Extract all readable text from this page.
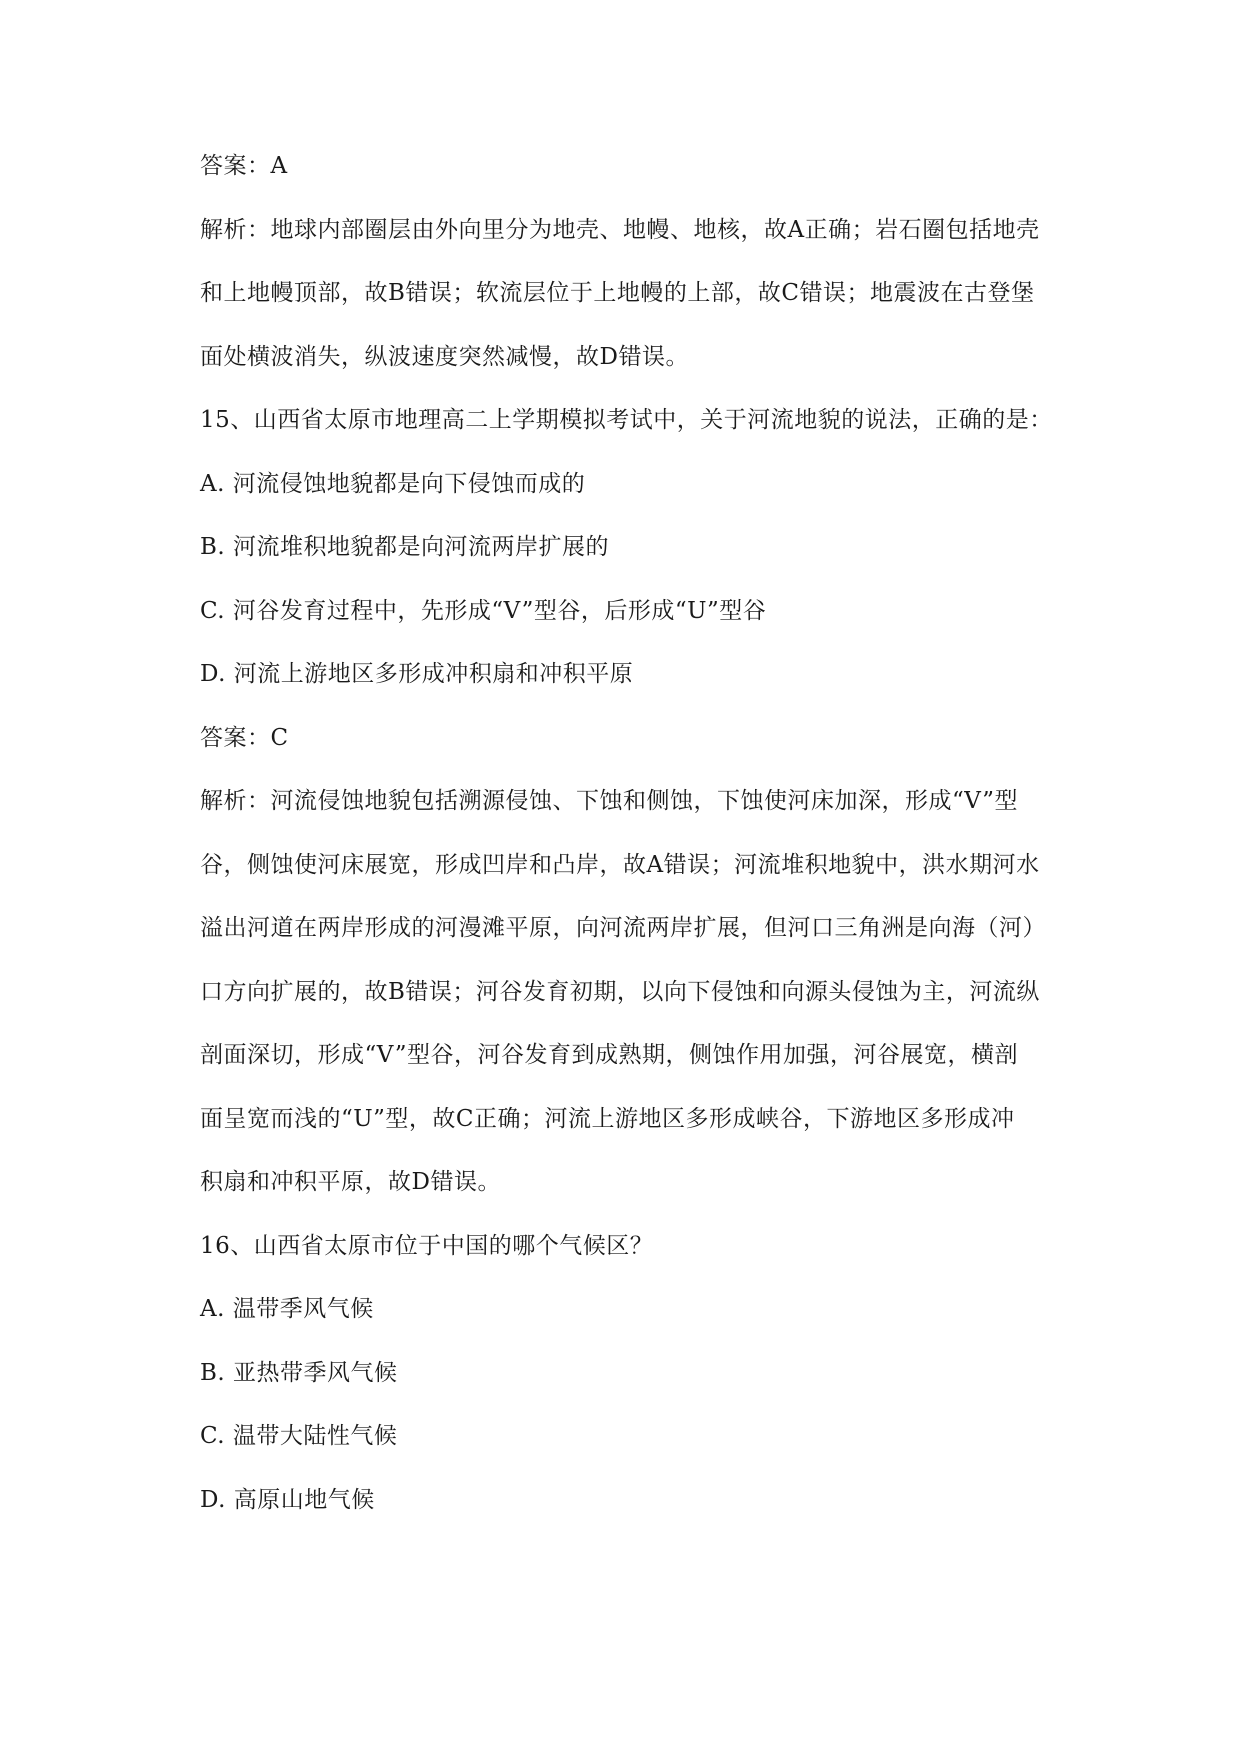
答案：A
解析：地球内部圈层由外向里分为地壳、地幔、地核，故A正确；岩石圈包括地壳
和上地幔顶部，故B错误；软流层位于上地幔的上部，故C错误；地震波在古登堡
面处横波消失，纵波速度突然减慢，故D错误。
15、山西省太原市地理高二上学期模拟考试中，关于河流地貌的说法，正确的是：
A. 河流侵蚀地貌都是向下侵蚀而成的
B. 河流堆积地貌都是向河流两岸扩展的
C. 河谷发育过程中，先形成“V”型谷，后形成“U”型谷
D. 河流上游地区多形成冲积扇和冲积平原
答案：C
解析：河流侵蚀地貌包括溯源侵蚀、下蚀和侧蚀，下蚀使河床加深，形成“V”型
谷，侧蚀使河床展宽，形成凹岸和凸岸，故A错误；河流堆积地貌中，洪水期河水
溢出河道在两岸形成的河漫滩平原，向河流两岸扩展，但河口三角洲是向海（河）
口方向扩展的，故B错误；河谷发育初期，以向下侵蚀和向源头侵蚀为主，河流纵
剖面深切，形成“V”型谷，河谷发育到成熟期，侧蚀作用加强，河谷展宽，横剖
面呈宽而浅的“U”型，故C正确；河流上游地区多形成峡谷，下游地区多形成冲
积扇和冲积平原，故D错误。
16、山西省太原市位于中国的哪个气候区？
A. 温带季风气候
B. 亚热带季风气候
C. 温带大陆性气候
D. 高原山地气候
